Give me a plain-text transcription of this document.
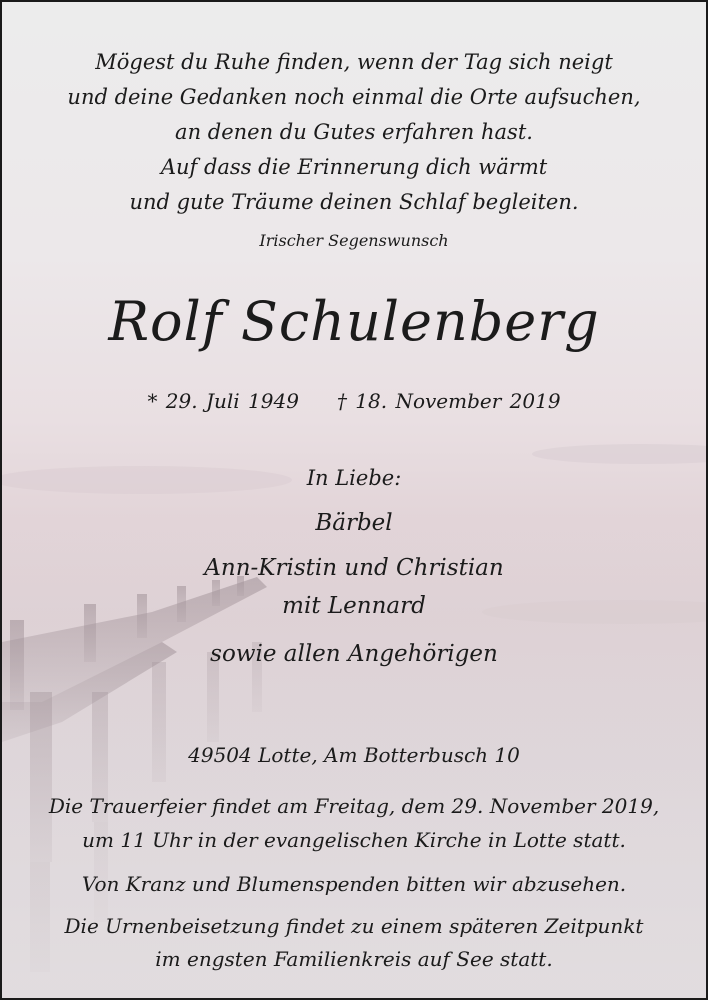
Mögest du Ruhe finden, wenn der Tag sich neigt
und deine Gedanken noch einmal die Orte aufsuchen,
an denen du Gutes erfahren hast.
Auf dass die Erinnerung dich wärmt
und gute Träume deinen Schlaf begleiten.
Irischer Segenswunsch
Rolf Schulenberg
* 29. Juli 1949 † 18. November 2019
In Liebe:
Bärbel
Ann-Kristin und Christian
mit Lennard
sowie allen Angehörigen
49504 Lotte, Am Botterbusch 10
Die Trauerfeier findet am Freitag, dem 29. November 2019,
um 11 Uhr in der evangelischen Kirche in Lotte statt.
Von Kranz und Blumenspenden bitten wir abzusehen.
Die Urnenbeisetzung findet zu einem späteren Zeitpunkt
im engsten Familienkreis auf See statt.
